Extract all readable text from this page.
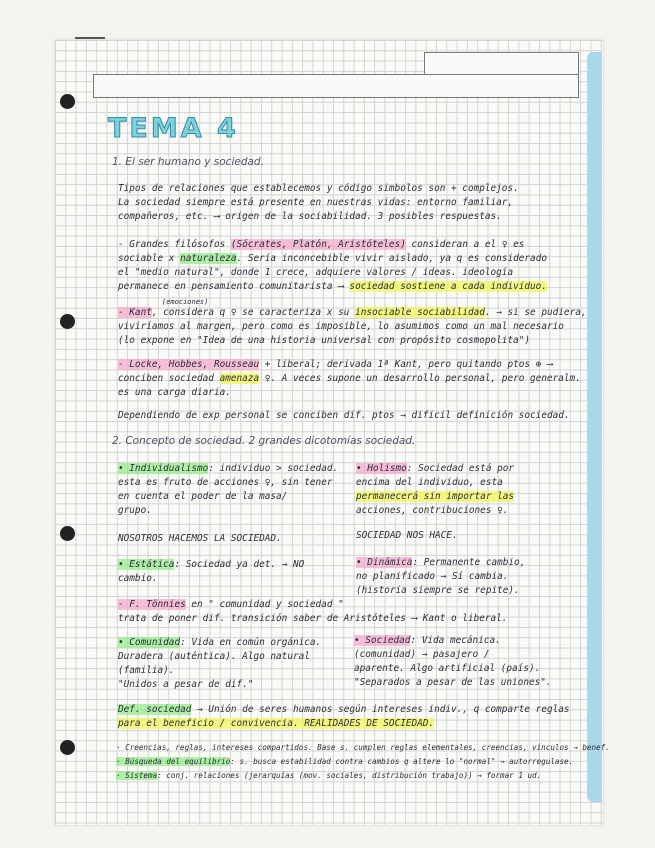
TEMA 4
1. El ser humano y sociedad.
Tipos de relaciones que establecemos y código simbolos son + complejos.
La sociedad siempre está presente en nuestras vidas: entorno familiar,
compañeros, etc. ⟶ origen de la sociabilidad. 3 posibles respuestas.
- Grandes filósofos (Sócrates, Platón, Aristóteles) consideran a el ♀ es
sociable x naturaleza. Sería inconcebible vivir aislado, ya q es considerado
el "medio natural", donde 1 crece, adquiere valores / ideas. ideología
permanece en pensamiento comunitarista ⟶ sociedad sostiene a cada individuo.
(emociones)
- Kant, considera q ♀ se caracteriza x su insociable sociabilidad. → si se pudiera,
viviríamos al margen, pero como es imposible, lo asumimos como un mal necesario
(lo expone en "Idea de una historia universal con propósito cosmopolita")
- Locke, Hobbes, Rousseau + liberal; derivada 1ª Kant, pero quitando ptos ⊕ ⟶
conciben sociedad amenaza ♀. A veces supone un desarrollo personal, pero generalm.
es una carga diaria.
Dependiendo de exp personal se conciben dif. ptos → dificil definición sociedad.
2. Concepto de sociedad. 2 grandes dicotomías sociedad.
• Individualismo: individuo > sociedad.
esta es fruto de acciones ♀, sin tener
en cuenta el poder de la masa/
grupo.
• Holismo: Sociedad está por
encima del individuo, esta
permanecerá sin importar las
acciones, contribuciones ♀.
NOSOTROS HACEMOS LA SOCIEDAD.	SOCIEDAD NOS HACE.
• Estática: Sociedad ya det. → NO
cambio.
• Dinámica: Permanente cambio,
no planificado → Sí cambia.
(historia siempre se repite).
- F. Tönnies en " comunidad y sociedad "
trata de poner dif. transición saber de Aristóteles ⟶ Kant o liberal.
• Comunidad: Vida en común orgánica.
Duradera (auténtica). Algo natural
(familia).
"Unidos a pesar de dif."
• Sociedad: Vida mecánica.
(comunidad) → pasajero /
aparente. Algo artificial (país).
"Separados a pesar de las uniones".
Def. sociedad → Unión de seres humanos según intereses indiv., q comparte reglas
para el beneficio / convivencia. REALIDADES DE SOCIEDAD.
· Creencias, reglas, intereses compartidos. Base s. cumplen reglas elementales, creencias, vínculos → benef.
· Búsqueda del equilibrio: s. busca estabilidad contra cambios q altere lo "normal" → autorregulase.
· Sistema: conj. relaciones (jerarquías (mov. sociales, distribución trabajo)) → formar 1 ud.
